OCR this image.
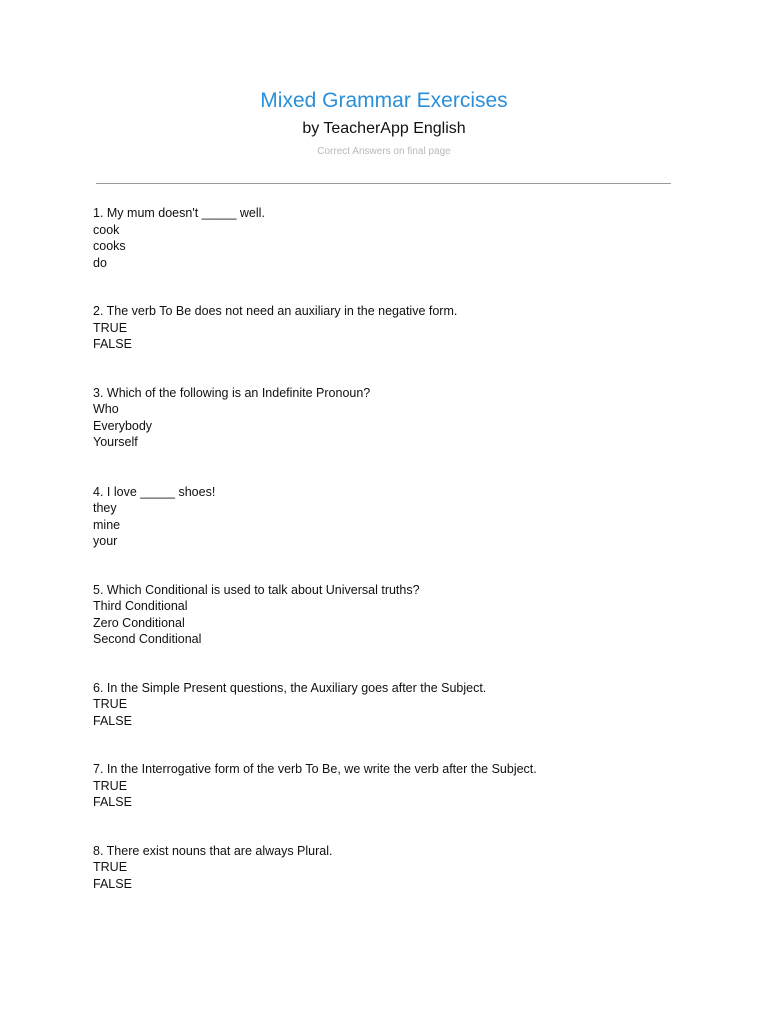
Mixed Grammar Exercises
by TeacherApp English
Correct Answers on final page
1. My mum doesn't _____ well.
cook
cooks
do
2. The verb To Be does not need an auxiliary in the negative form.
TRUE
FALSE
3. Which of the following is an Indefinite Pronoun?
Who
Everybody
Yourself
4. I love _____ shoes!
they
mine
your
5. Which Conditional is used to talk about Universal truths?
Third Conditional
Zero Conditional
Second Conditional
6. In the Simple Present questions, the Auxiliary goes after the Subject.
TRUE
FALSE
7. In the Interrogative form of the verb To Be, we write the verb after the Subject.
TRUE
FALSE
8. There exist nouns that are always Plural.
TRUE
FALSE
